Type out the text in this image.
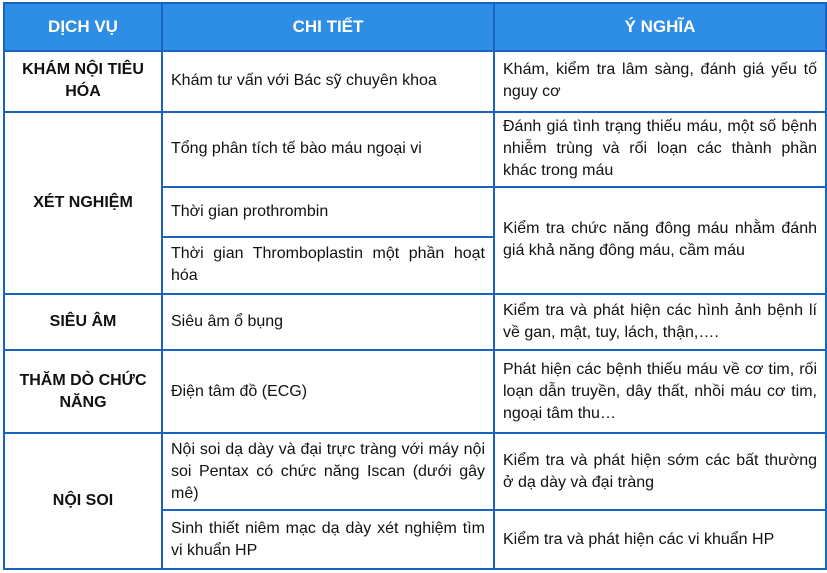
DỊCH VỤ	CHI TIẾT	Ý NGHĨA
KHÁM NỘI TIÊU HÓA	Khám tư vấn với Bác sỹ chuyên khoa	Khám, kiểm tra lâm sàng, đánh giá yếu tố nguy cơ
XÉT NGHIỆM	Tổng phân tích tế bào máu ngoại vi	Đánh giá tình trạng thiếu máu, một số bệnh nhiễm trùng và rối loạn các thành phần khác trong máu
	Thời gian prothrombin	Kiểm tra chức năng đông máu nhằm đánh giá khả năng đông máu, cầm máu
	Thời gian Thromboplastin một phần hoạt hóa	
SIÊU ÂM	Siêu âm ổ bụng	Kiểm tra và phát hiện các hình ảnh bệnh lí về gan, mật, tuy, lách, thận,….
THĂM DÒ CHỨC NĂNG	Điện tâm đồ (ECG)	Phát hiện các bệnh thiếu máu về cơ tim, rối loạn dẫn truyền, dây thất, nhồi máu cơ tim, ngoại tâm thu…
NỘI SOI	Nội soi dạ dày và đại trực tràng với máy nội soi Pentax có chức năng Iscan (dưới gây mê)	Kiểm tra và phát hiện sớm các bất thường ở dạ dày và đại tràng
	Sinh thiết niêm mạc dạ dày xét nghiệm tìm vi khuẩn HP	Kiểm tra và phát hiện các vi khuẩn HP
